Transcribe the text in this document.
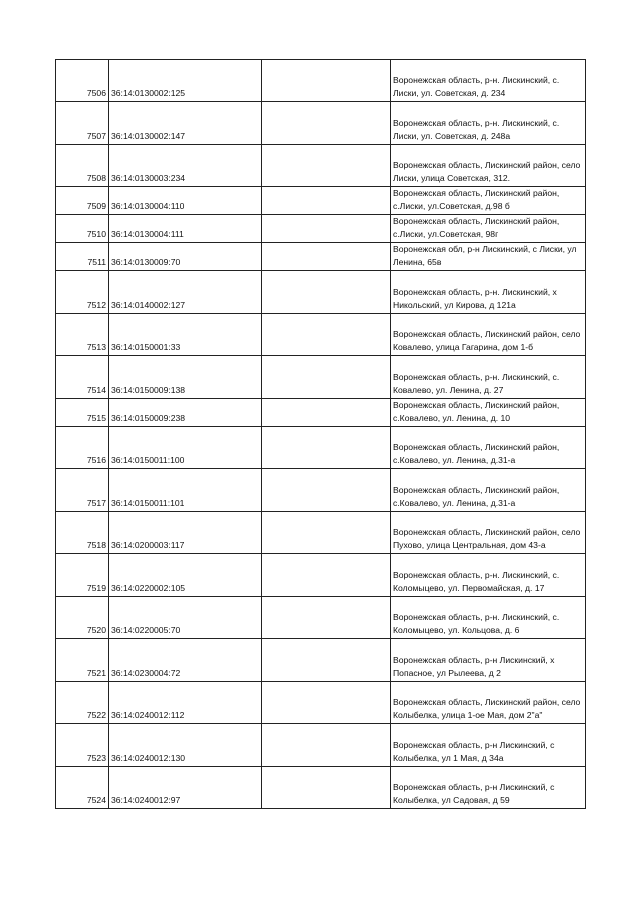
7506	36:14:0130002:125		Воронежская область, р-н. Лискинский, с. Лиски, ул. Советская, д. 234
7507	36:14:0130002:147		Воронежская область, р-н. Лискинский, с. Лиски, ул. Советская, д. 248а
7508	36:14:0130003:234		Воронежская область, Лискинский район, село Лиски, улица Советская, 312.
7509	36:14:0130004:110		Воронежская область, Лискинский район, с.Лиски, ул.Советская, д.98 б
7510	36:14:0130004:111		Воронежская область, Лискинский район, с.Лиски, ул.Советская, 98г
7511	36:14:0130009:70		Воронежская обл, р-н Лискинский, с Лиски, ул Ленина, 65в
7512	36:14:0140002:127		Воронежская область, р-н. Лискинский, х Никольский, ул Кирова, д 121а
7513	36:14:0150001:33		Воронежская область, Лискинский район, село Ковалево, улица Гагарина, дом 1-б
7514	36:14:0150009:138		Воронежская область, р-н. Лискинский, с. Ковалево, ул. Ленина, д. 27
7515	36:14:0150009:238		Воронежская область, Лискинский район, с.Ковалево, ул. Ленина, д. 10
7516	36:14:0150011:100		Воронежская область, Лискинский район, с.Ковалево, ул. Ленина, д.31-а
7517	36:14:0150011:101		Воронежская область, Лискинский район, с.Ковалево, ул. Ленина, д.31-а
7518	36:14:0200003:117		Воронежская область, Лискинский район, село Пухово, улица Центральная, дом 43-а
7519	36:14:0220002:105		Воронежская область, р-н. Лискинский, с. Коломыцево, ул. Первомайская, д. 17
7520	36:14:0220005:70		Воронежская область, р-н. Лискинский, с. Коломыцево, ул. Кольцова, д. 6
7521	36:14:0230004:72		Воронежская область, р-н Лискинский, х Попасное, ул Рылеева, д 2
7522	36:14:0240012:112		Воронежская область, Лискинский район, село Колыбелка, улица 1-ое Мая, дом 2"а"
7523	36:14:0240012:130		Воронежская область, р-н Лискинский, с Колыбелка, ул 1 Мая, д 34а
7524	36:14:0240012:97		Воронежская область, р-н Лискинский, с Колыбелка, ул Садовая, д 59
